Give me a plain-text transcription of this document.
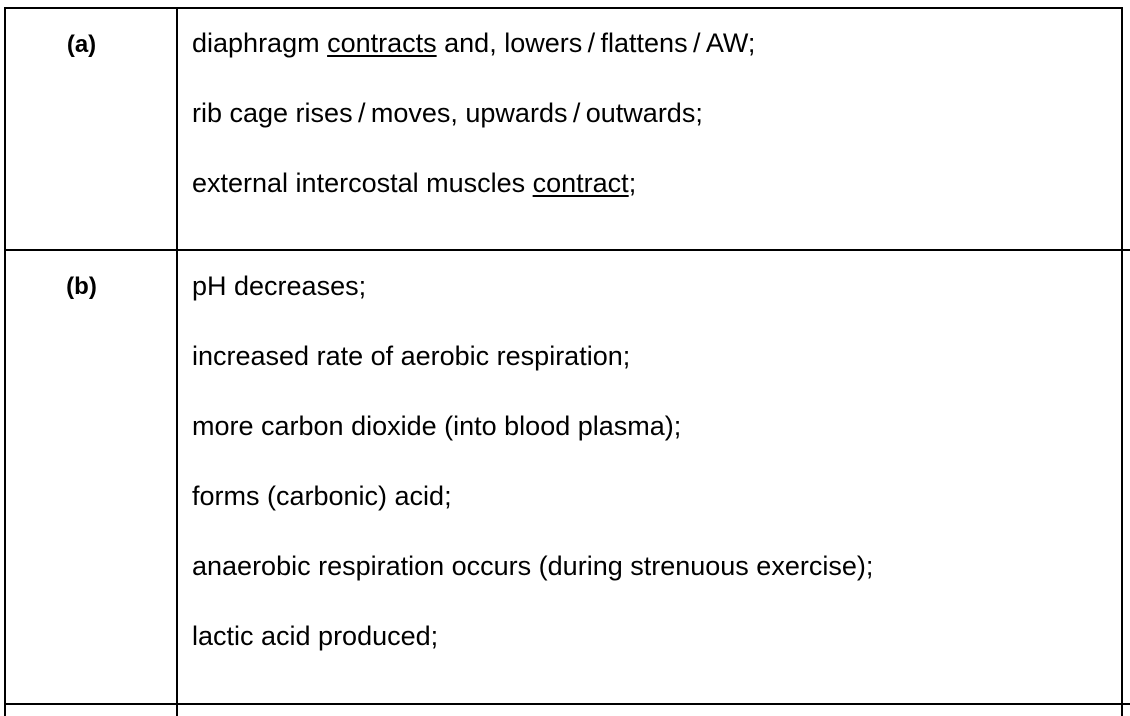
(a)	diaphragm contracts and, lowers / flattens / AW;
rib cage rises / moves, upwards / outwards;
external intercostal muscles contract;
(b)	pH decreases;
increased rate of aerobic respiration;
more carbon dioxide (into blood plasma);
forms (carbonic) acid;
anaerobic respiration occurs (during strenuous exercise);
lactic acid produced;
